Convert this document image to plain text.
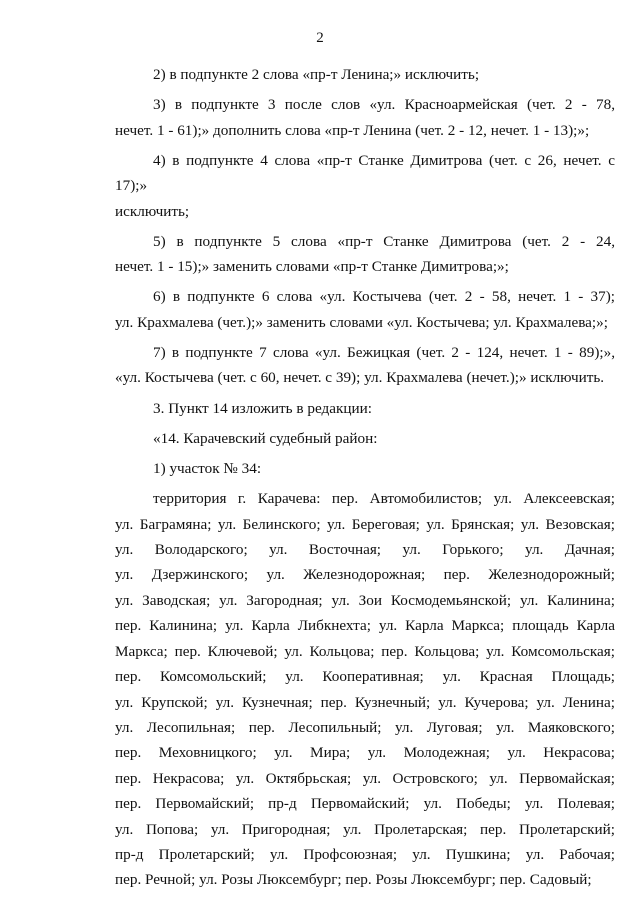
2
2) в подпункте 2 слова «пр-т Ленина;» исключить;
3) в подпункте 3 после слов «ул. Красноармейская (чет. 2 - 78,
нечет. 1 - 61);» дополнить слова «пр-т Ленина (чет. 2 - 12, нечет. 1 - 13);»;
4) в подпункте 4 слова «пр-т Станке Димитрова (чет. с 26, нечет. с 17);»
исключить;
5) в подпункте 5 слова «пр-т Станке Димитрова (чет. 2 - 24,
нечет. 1 - 15);» заменить словами «пр-т Станке Димитрова;»;
6) в подпункте 6 слова «ул. Костычева (чет. 2 - 58, нечет. 1 - 37);
ул. Крахмалева (чет.);» заменить словами «ул. Костычева; ул. Крахмалева;»;
7) в подпункте 7 слова «ул. Бежицкая (чет. 2 - 124, нечет. 1 - 89);»,
«ул. Костычева (чет. с 60, нечет. с 39); ул. Крахмалева (нечет.);» исключить.
3. Пункт 14 изложить в редакции:
«14. Карачевский судебный район:
1) участок № 34:
территория г. Карачева: пер. Автомобилистов; ул. Алексеевская;
ул. Баграмяна; ул. Белинского; ул. Береговая; ул. Брянская; ул. Везовская;
ул. Володарского; ул. Восточная; ул. Горького; ул. Дачная;
ул. Дзержинского; ул. Железнодорожная; пер. Железнодорожный;
ул. Заводская; ул. Загородная; ул. Зои Космодемьянской; ул. Калинина;
пер. Калинина; ул. Карла Либкнехта; ул. Карла Маркса; площадь Карла
Маркса; пер. Ключевой; ул. Кольцова; пер. Кольцова; ул. Комсомольская;
пер. Комсомольский; ул. Кооперативная; ул. Красная Площадь;
ул. Крупской; ул. Кузнечная; пер. Кузнечный; ул. Кучерова; ул. Ленина;
ул. Лесопильная; пер. Лесопильный; ул. Луговая; ул. Маяковского;
пер. Меховницкого; ул. Мира; ул. Молодежная; ул. Некрасова;
пер. Некрасова; ул. Октябрьская; ул. Островского; ул. Первомайская;
пер. Первомайский; пр-д Первомайский; ул. Победы; ул. Полевая;
ул. Попова; ул. Пригородная; ул. Пролетарская; пер. Пролетарский;
пр-д Пролетарский; ул. Профсоюзная; ул. Пушкина; ул. Рабочая;
пер. Речной; ул. Розы Люксембург; пер. Розы Люксембург; пер. Садовый;
